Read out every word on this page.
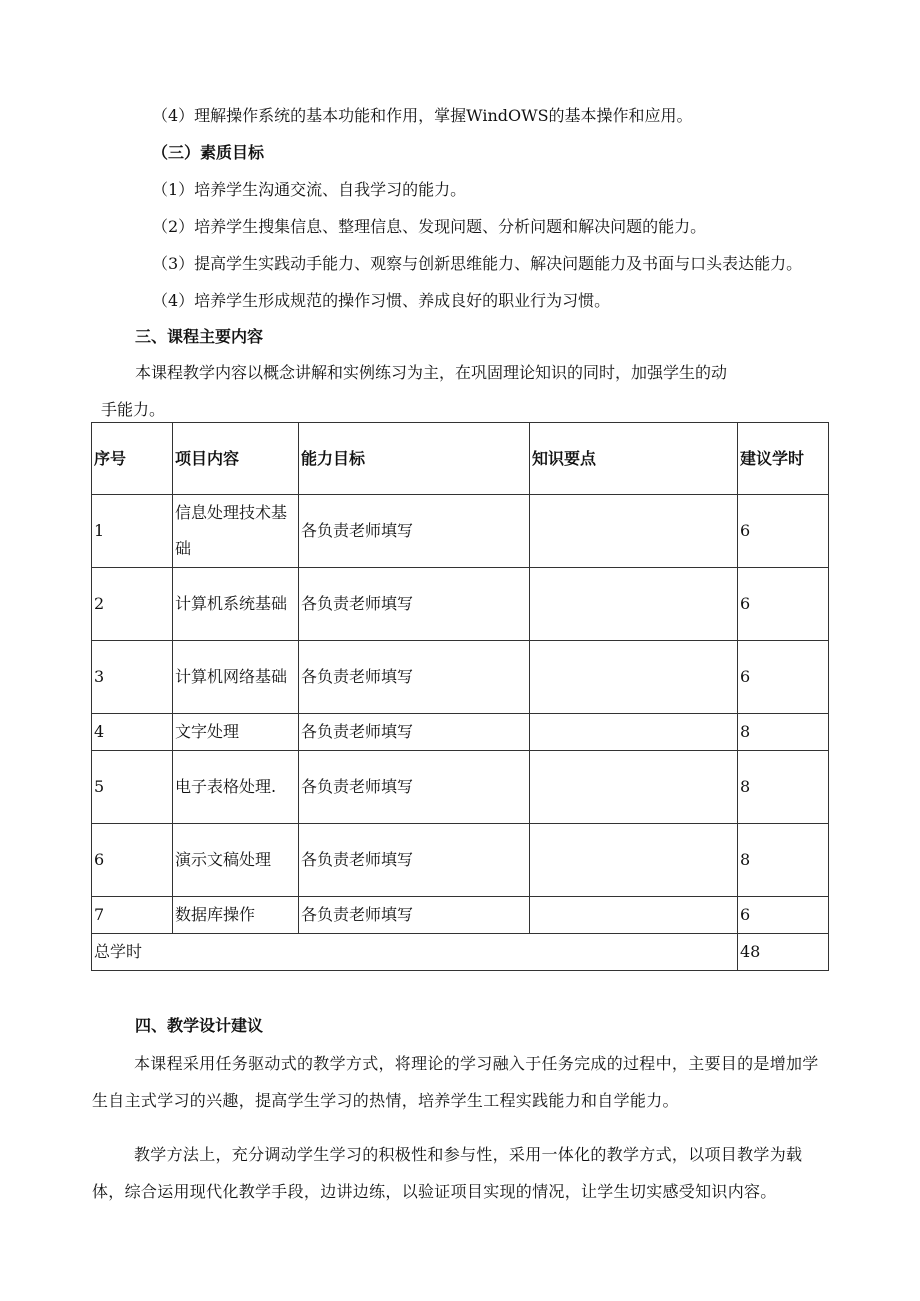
（4）理解操作系统的基本功能和作用，掌握WindOWS的基本操作和应用。
（三）素质目标
（1）培养学生沟通交流、自我学习的能力。
（2）培养学生搜集信息、整理信息、发现问题、分析问题和解决问题的能力。
（3）提高学生实践动手能力、观察与创新思维能力、解决问题能力及书面与口头表达能力。
（4）培养学生形成规范的操作习惯、养成良好的职业行为习惯。
三、课程主要内容
本课程教学内容以概念讲解和实例练习为主，在巩固理论知识的同时，加强学生的动
手能力。
序号	项目内容	能力目标	知识要点	建议学时
1	信息处理技术基础	各负责老师填写		6
2	计算机系统基础	各负责老师填写		6
3	计算机网络基础	各负责老师填写		6
4	文字处理	各负责老师填写		8
5	电子表格处理.	各负责老师填写		8
6	演示文稿处理	各负责老师填写		8
7	数据库操作	各负责老师填写		6
总学时				48
四、教学设计建议
本课程采用任务驱动式的教学方式，将理论的学习融入于任务完成的过程中，主要目的是增加学生自主式学习的兴趣，提高学生学习的热情，培养学生工程实践能力和自学能力。
教学方法上，充分调动学生学习的积极性和参与性，采用一体化的教学方式，以项目教学为载体，综合运用现代化教学手段，边讲边练，以验证项目实现的情况，让学生切实感受知识内容。
